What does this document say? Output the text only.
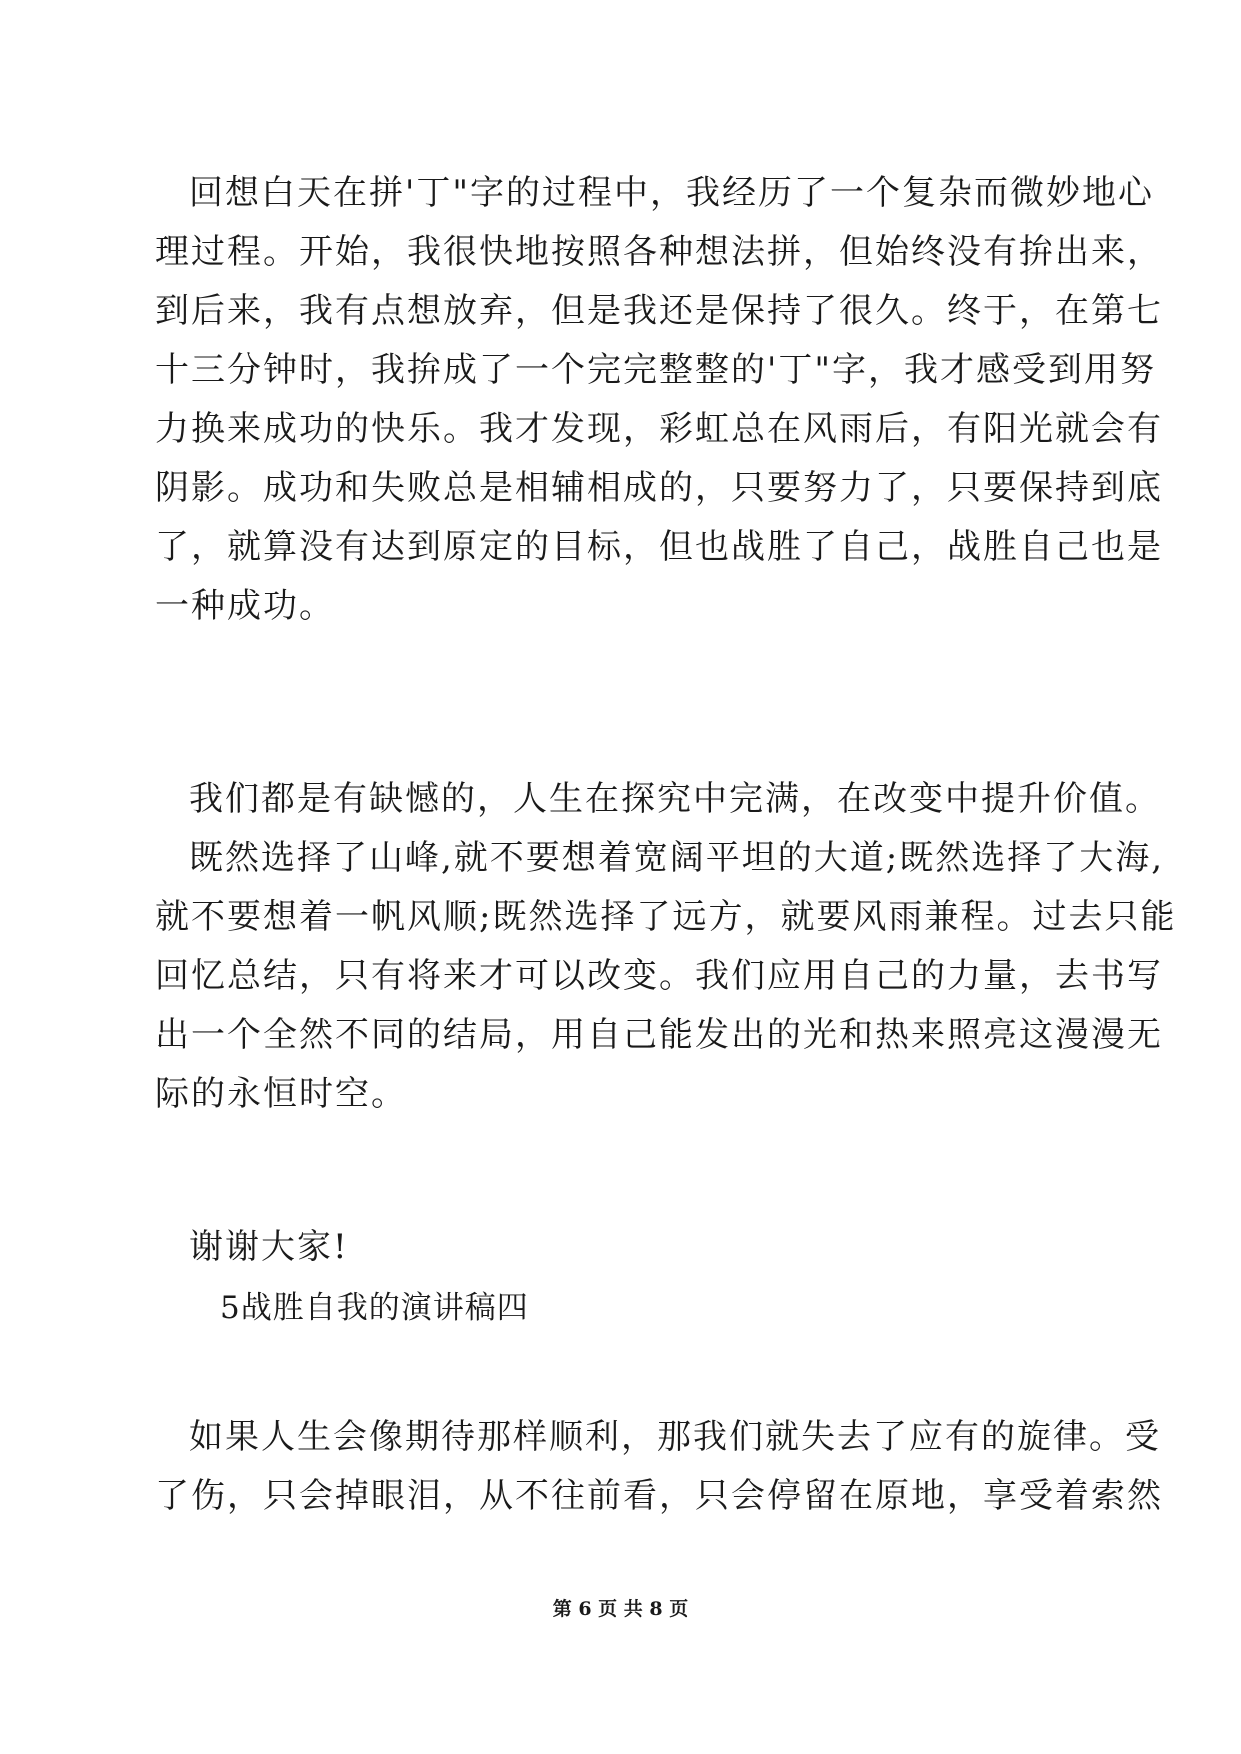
回想白天在拼'丁"字的过程中，我经历了一个复杂而微妙地心
理过程。开始，我很快地按照各种想法拼，但始终没有拚出来，
到后来，我有点想放弃，但是我还是保持了很久。终于，在第七
十三分钟时，我拚成了一个完完整整的'丁"字，我才感受到用努
力换来成功的快乐。我才发现，彩虹总在风雨后，有阳光就会有
阴影。成功和失败总是相辅相成的，只要努力了，只要保持到底
了，就算没有达到原定的目标，但也战胜了自己，战胜自己也是
一种成功。
我们都是有缺憾的，人生在探究中完满，在改变中提升价值。
既然选择了山峰,就不要想着宽阔平坦的大道;既然选择了大海,
就不要想着一帆风顺;既然选择了远方，就要风雨兼程。过去只能
回忆总结，只有将来才可以改变。我们应用自己的力量，去书写
出一个全然不同的结局，用自己能发出的光和热来照亮这漫漫无
际的永恒时空。
谢谢大家!
5战胜自我的演讲稿四
如果人生会像期待那样顺利，那我们就失去了应有的旋律。受
了伤，只会掉眼泪，从不往前看，只会停留在原地，享受着索然
第 6 页 共 8 页
